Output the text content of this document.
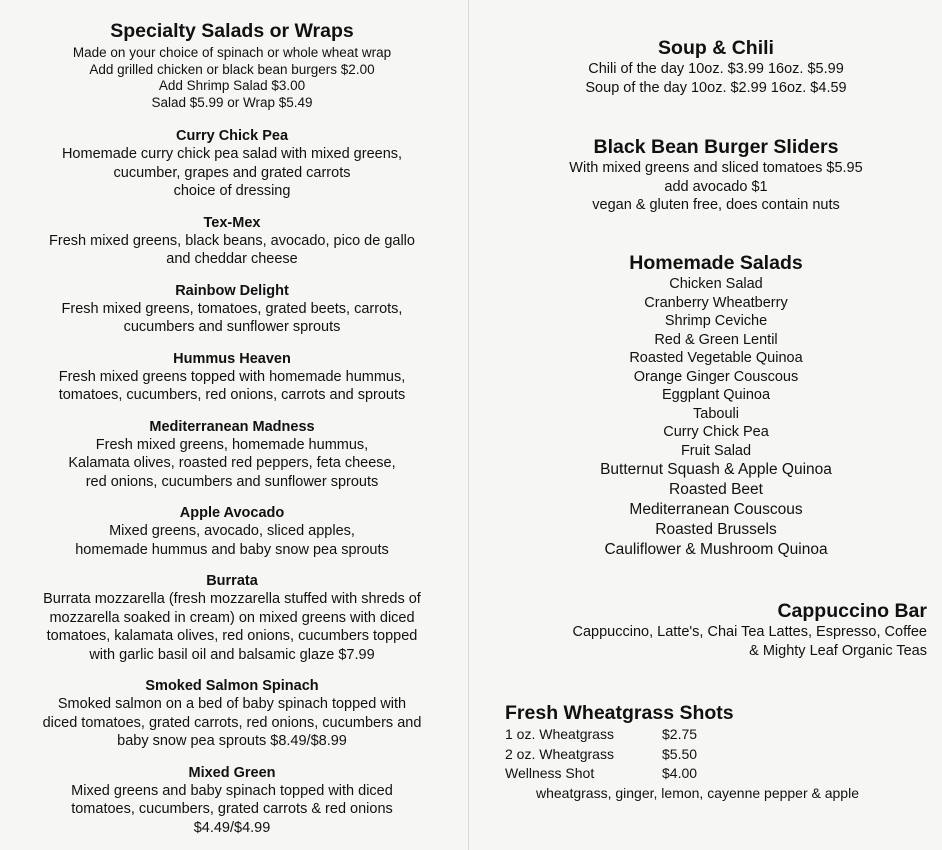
Specialty Salads or Wraps
Made on your choice of spinach or whole wheat wrap
Add grilled chicken or black bean burgers $2.00
Add Shrimp Salad $3.00
Salad $5.99 or Wrap $5.49
Curry Chick Pea
Homemade curry chick pea salad with mixed greens,
cucumber, grapes and grated carrots
choice of dressing
Tex-Mex
Fresh mixed greens, black beans, avocado, pico de gallo
and cheddar cheese
Rainbow Delight
Fresh mixed greens, tomatoes, grated beets, carrots,
cucumbers and sunflower sprouts
Hummus Heaven
Fresh mixed greens topped with homemade hummus,
tomatoes, cucumbers, red onions, carrots and sprouts
Mediterranean Madness
Fresh mixed greens, homemade hummus,
Kalamata olives, roasted red peppers, feta cheese,
red onions, cucumbers and sunflower sprouts
Apple Avocado
Mixed greens, avocado, sliced apples,
homemade hummus and baby snow pea sprouts
Burrata
Burrata mozzarella (fresh mozzarella stuffed with shreds of
mozzarella soaked in cream) on mixed greens with diced
tomatoes, kalamata olives, red onions, cucumbers topped
with garlic basil oil and balsamic glaze $7.99
Smoked Salmon Spinach
Smoked salmon on a bed of baby spinach topped with
diced tomatoes, grated carrots, red onions, cucumbers and
baby snow pea sprouts $8.49/$8.99
Mixed Green
Mixed greens and baby spinach topped with diced
tomatoes, cucumbers, grated carrots & red onions
$4.49/$4.99
Soup & Chili
Chili of the day 10oz. $3.99 16oz. $5.99
Soup of the day 10oz. $2.99 16oz. $4.59
Black Bean Burger Sliders
With mixed greens and sliced tomatoes $5.95
add avocado $1
vegan & gluten free, does contain nuts
Homemade Salads
Chicken Salad
Cranberry Wheatberry
Shrimp Ceviche
Red & Green Lentil
Roasted Vegetable Quinoa
Orange Ginger Couscous
Eggplant Quinoa
Tabouli
Curry Chick Pea
Fruit Salad
Butternut Squash & Apple Quinoa
Roasted Beet
Mediterranean Couscous
Roasted Brussels
Cauliflower & Mushroom Quinoa
Cappuccino Bar
Cappuccino, Latte's, Chai Tea Lattes, Espresso, Coffee
& Mighty Leaf Organic Teas
Fresh Wheatgrass Shots
1 oz. Wheatgrass	$2.75
2 oz. Wheatgrass	$5.50
Wellness Shot	$4.00
wheatgrass, ginger, lemon, cayenne pepper & apple
